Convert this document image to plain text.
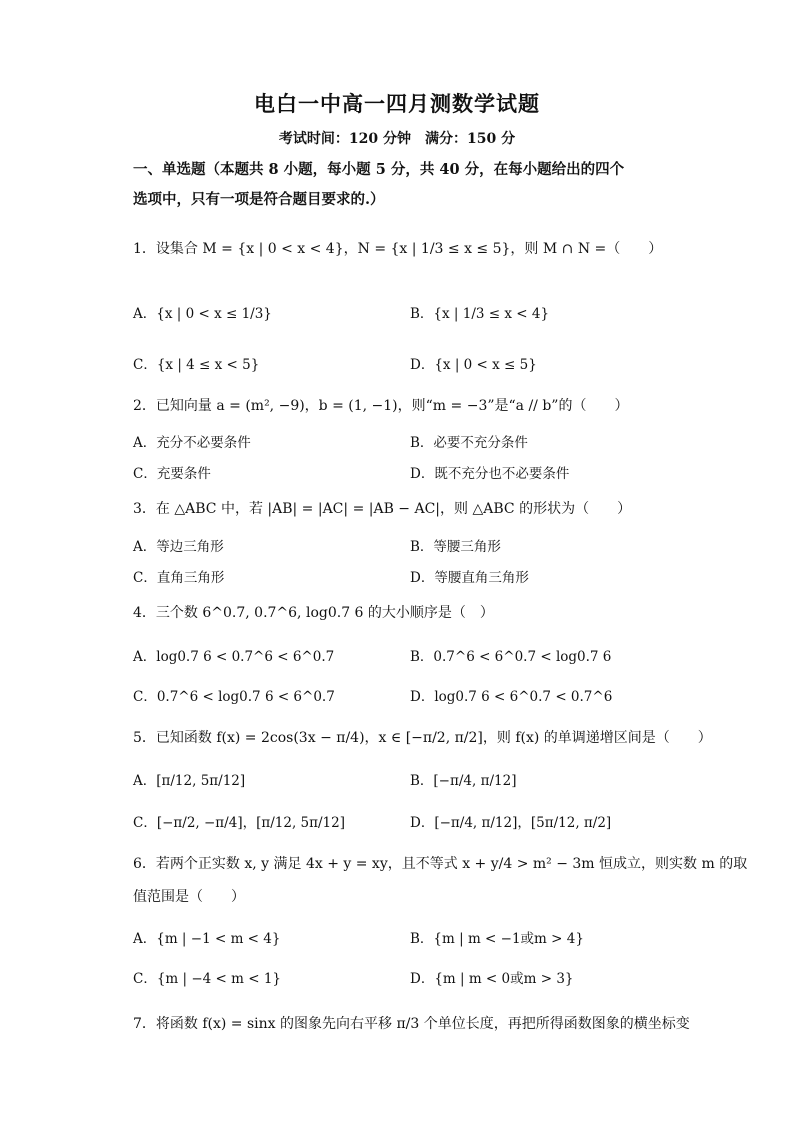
电白一中高一四月测数学试题
考试时间：120 分钟　满分：150 分
一、单选题（本题共 8 小题，每小题 5 分，共 40 分，在每小题给出的四个
选项中，只有一项是符合题目要求的.）
1．设集合 M = {x | 0 < x < 4}，N = {x | 1/3 ≤ x ≤ 5}，则 M ∩ N =（　　）
A．{x | 0 < x ≤ 1/3}	B．{x | 1/3 ≤ x < 4}
C．{x | 4 ≤ x < 5}	D．{x | 0 < x ≤ 5}
2．已知向量 a = (m², −9)，b = (1, −1)，则“m = −3”是“a // b”的（　　）
A．充分不必要条件	B．必要不充分条件
C．充要条件	D．既不充分也不必要条件
3．在 △ABC 中，若 |AB| = |AC| = |AB − AC|，则 △ABC 的形状为（　　）
A．等边三角形	B．等腰三角形
C．直角三角形	D．等腰直角三角形
4．三个数 6^0.7, 0.7^6, log0.7 6 的大小顺序是（　）
A．log0.7 6 < 0.7^6 < 6^0.7	B．0.7^6 < 6^0.7 < log0.7 6
C．0.7^6 < log0.7 6 < 6^0.7	D．log0.7 6 < 6^0.7 < 0.7^6
5．已知函数 f(x) = 2cos(3x − π/4)，x ∈ [−π/2, π/2]，则 f(x) 的单调递增区间是（　　）
A．[π/12, 5π/12]	B．[−π/4, π/12]
C．[−π/2, −π/4]，[π/12, 5π/12]	D．[−π/4, π/12]，[5π/12, π/2]
6．若两个正实数 x, y 满足 4x + y = xy，且不等式 x + y/4 > m² − 3m 恒成立，则实数 m 的取
值范围是（　　）
A．{m | −1 < m < 4}	B．{m | m < −1或m > 4}
C．{m | −4 < m < 1}	D．{m | m < 0或m > 3}
7．将函数 f(x) = sinx 的图象先向右平移 π/3 个单位长度，再把所得函数图象的横坐标变
